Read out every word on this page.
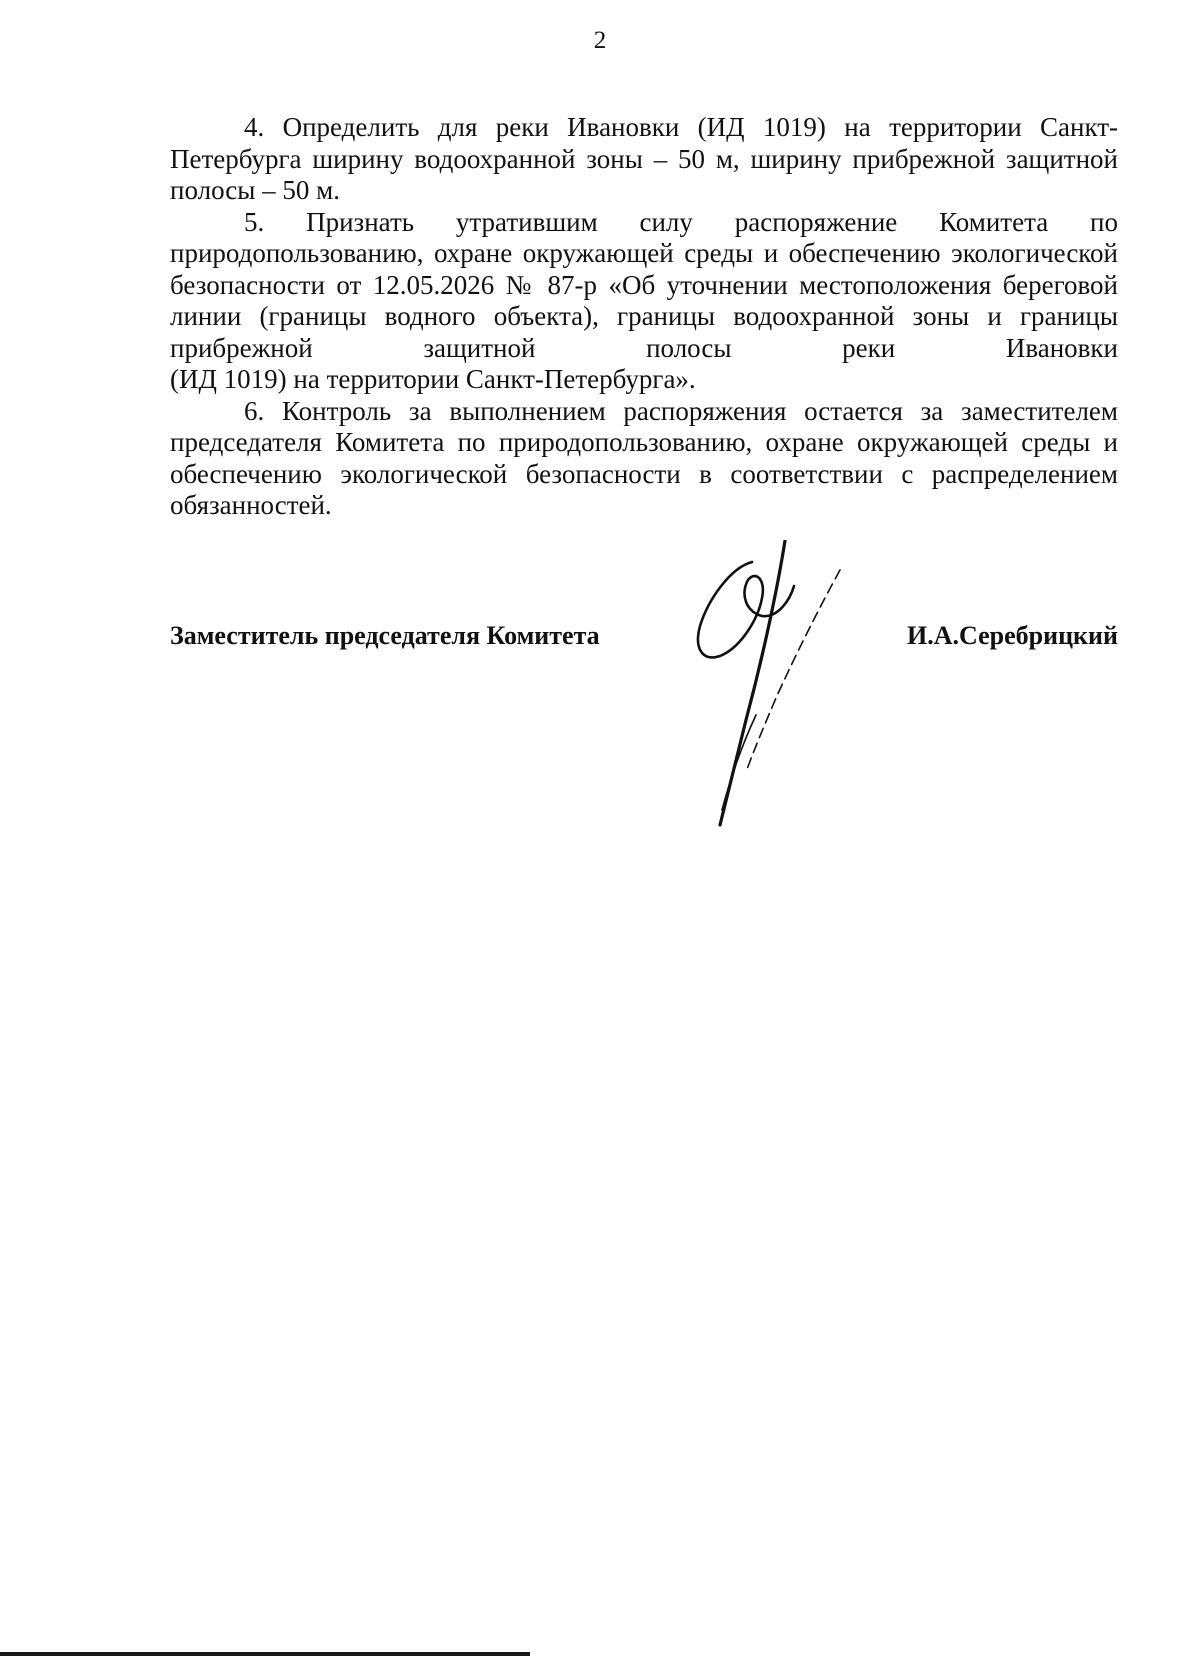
2

4. Определить для реки Ивановки (ИД 1019) на территории Санкт-Петербурга ширину водоохранной зоны – 50 м, ширину прибрежной защитной полосы – 50 м.

5. Признать утратившим силу распоряжение Комитета по природопользованию, охране окружающей среды и обеспечению экологической безопасности от 12.05.2026 № 87-р «Об уточнении местоположения береговой линии (границы водного объекта), границы водоохранной зоны и границы прибрежной защитной полосы реки Ивановки
(ИД 1019) на территории Санкт-Петербурга».

6. Контроль за выполнением распоряжения остается за заместителем председателя Комитета по природопользованию, охране окружающей среды и обеспечению экологической безопасности в соответствии с распределением обязанностей.

Заместитель председателя Комитета	И.А.Серебрицкий
